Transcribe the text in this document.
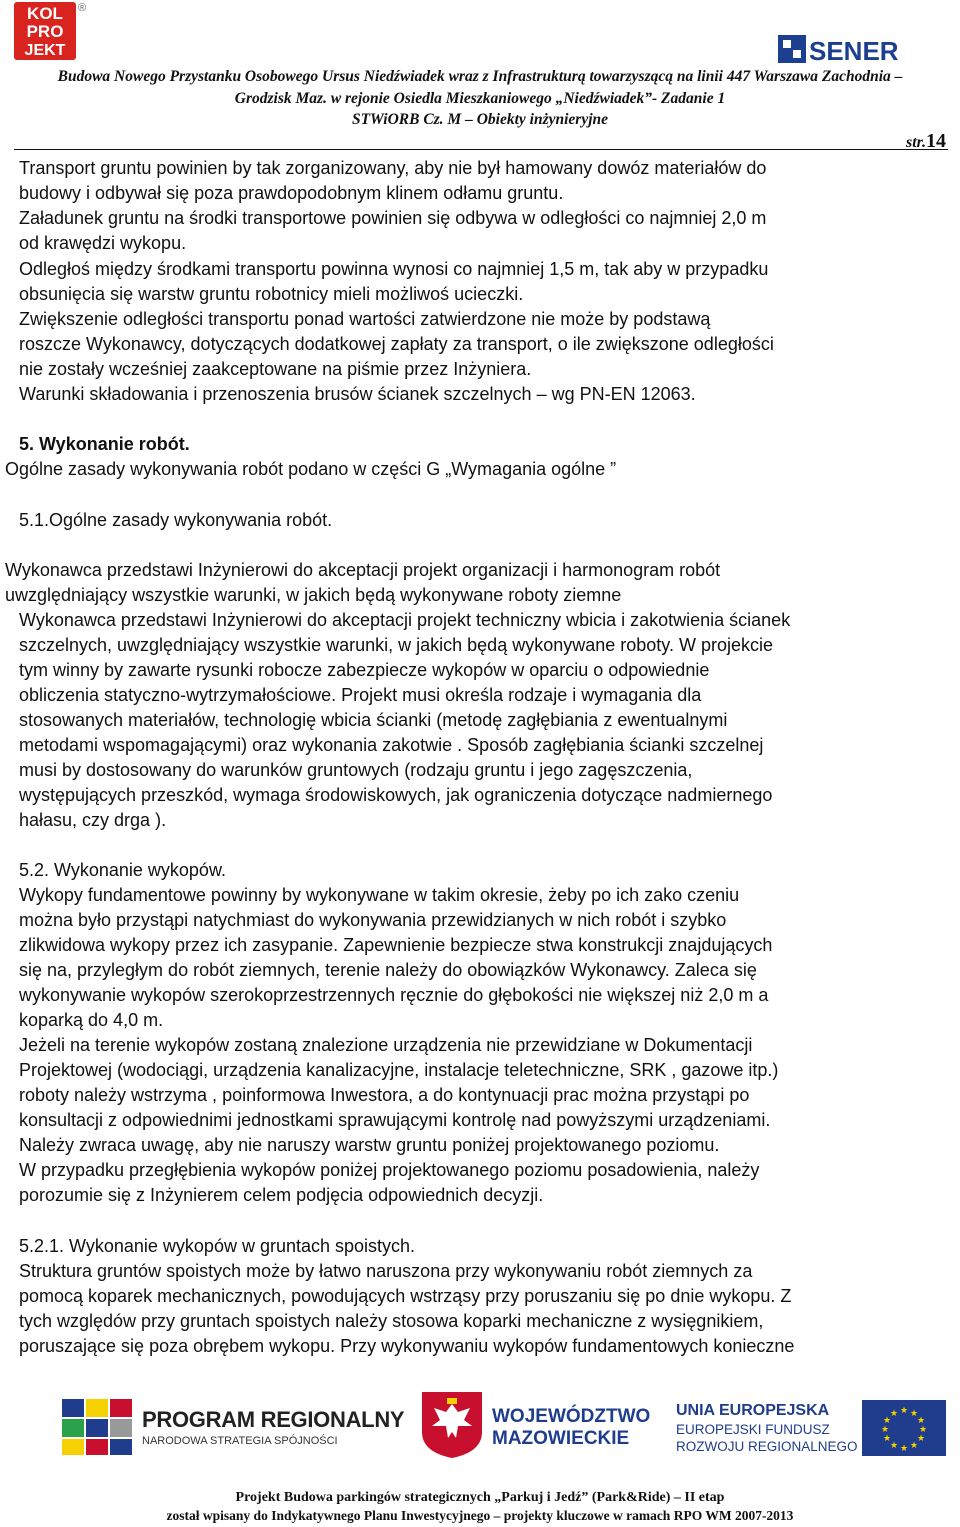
KOL
PRO
JEKT
®
SENER
Budowa Nowego Przystanku Osobowego Ursus Niedźwiadek wraz z Infrastrukturą towarzyszącą na linii 447 Warszawa Zachodnia –
Grodzisk Maz. w rejonie Osiedla Mieszkaniowego „Niedźwiadek”- Zadanie 1
STWiORB Cz. M – Obiekty inżynieryjne
str.14
Transport gruntu powinien by tak zorganizowany, aby nie był hamowany dowóz materiałów do
budowy i odbywał się poza prawdopodobnym klinem odłamu gruntu.
Załadunek gruntu na środki transportowe powinien się odbywa w odległości co najmniej 2,0 m
od krawędzi wykopu.
Odległoś między środkami transportu powinna wynosi co najmniej 1,5 m, tak aby w przypadku
obsunięcia się warstw gruntu robotnicy mieli możliwoś ucieczki.
Zwiększenie odległości transportu ponad wartości zatwierdzone nie może by podstawą
roszcze Wykonawcy, dotyczących dodatkowej zapłaty za transport, o ile zwiększone odległości
nie zostały wcześniej zaakceptowane na piśmie przez Inżyniera.
Warunki składowania i przenoszenia brusów ścianek szczelnych – wg PN-EN 12063.
5. Wykonanie robót.
Ogólne zasady wykonywania robót podano w części G „Wymagania ogólne ”
5.1.Ogólne zasady wykonywania robót.
Wykonawca przedstawi Inżynierowi do akceptacji projekt organizacji i harmonogram robót
uwzględniający wszystkie warunki, w jakich będą wykonywane roboty ziemne
Wykonawca przedstawi Inżynierowi do akceptacji projekt techniczny wbicia i zakotwienia ścianek
szczelnych, uwzględniający wszystkie warunki, w jakich będą wykonywane roboty. W projekcie
tym winny by zawarte rysunki robocze zabezpiecze wykopów w oparciu o odpowiednie
obliczenia statyczno-wytrzymałościowe. Projekt musi określa rodzaje i wymagania dla
stosowanych materiałów, technologię wbicia ścianki (metodę zagłębiania z ewentualnymi
metodami wspomagającymi) oraz wykonania zakotwie . Sposób zagłębiania ścianki szczelnej
musi by dostosowany do warunków gruntowych (rodzaju gruntu i jego zagęszczenia,
występujących przeszkód, wymaga środowiskowych, jak ograniczenia dotyczące nadmiernego
hałasu, czy drga ).
5.2. Wykonanie wykopów.
Wykopy fundamentowe powinny by wykonywane w takim okresie, żeby po ich zako czeniu
można było przystąpi natychmiast do wykonywania przewidzianych w nich robót i szybko
zlikwidowa wykopy przez ich zasypanie. Zapewnienie bezpiecze stwa konstrukcji znajdujących
się na, przyległym do robót ziemnych, terenie należy do obowiązków Wykonawcy. Zaleca się
wykonywanie wykopów szerokoprzestrzennych ręcznie do głębokości nie większej niż 2,0 m a
koparką do 4,0 m.
Jeżeli na terenie wykopów zostaną znalezione urządzenia nie przewidziane w Dokumentacji
Projektowej (wodociągi, urządzenia kanalizacyjne, instalacje teletechniczne, SRK , gazowe itp.)
roboty należy wstrzyma , poinformowa Inwestora, a do kontynuacji prac można przystąpi po
konsultacji z odpowiednimi jednostkami sprawującymi kontrolę nad powyższymi urządzeniami.
Należy zwraca uwagę, aby nie naruszy warstw gruntu poniżej projektowanego poziomu.
W przypadku przegłębienia wykopów poniżej projektowanego poziomu posadowienia, należy
porozumie się z Inżynierem celem podjęcia odpowiednich decyzji.
5.2.1. Wykonanie wykopów w gruntach spoistych.
Struktura gruntów spoistych może by łatwo naruszona przy wykonywaniu robót ziemnych za
pomocą koparek mechanicznych, powodujących wstrząsy przy poruszaniu się po dnie wykopu. Z
tych względów przy gruntach spoistych należy stosowa koparki mechaniczne z wysięgnikiem,
poruszające się poza obrębem wykopu. Przy wykonywaniu wykopów fundamentowych konieczne
PROGRAM REGIONALNY
NARODOWA STRATEGIA SPÓJNOŚCI
WOJEWÓDZTWO
MAZOWIECKIE
UNIA EUROPEJSKA
EUROPEJSKI FUNDUSZ
ROZWOJU REGIONALNEGO
★ ★
★
★
★
★
★
★
★
★
★
★
Projekt Budowa parkingów strategicznych „Parkuj i Jedź” (Park&Ride) – II etap
został wpisany do Indykatywnego Planu Inwestycyjnego – projekty kluczowe w ramach RPO WM 2007-2013
